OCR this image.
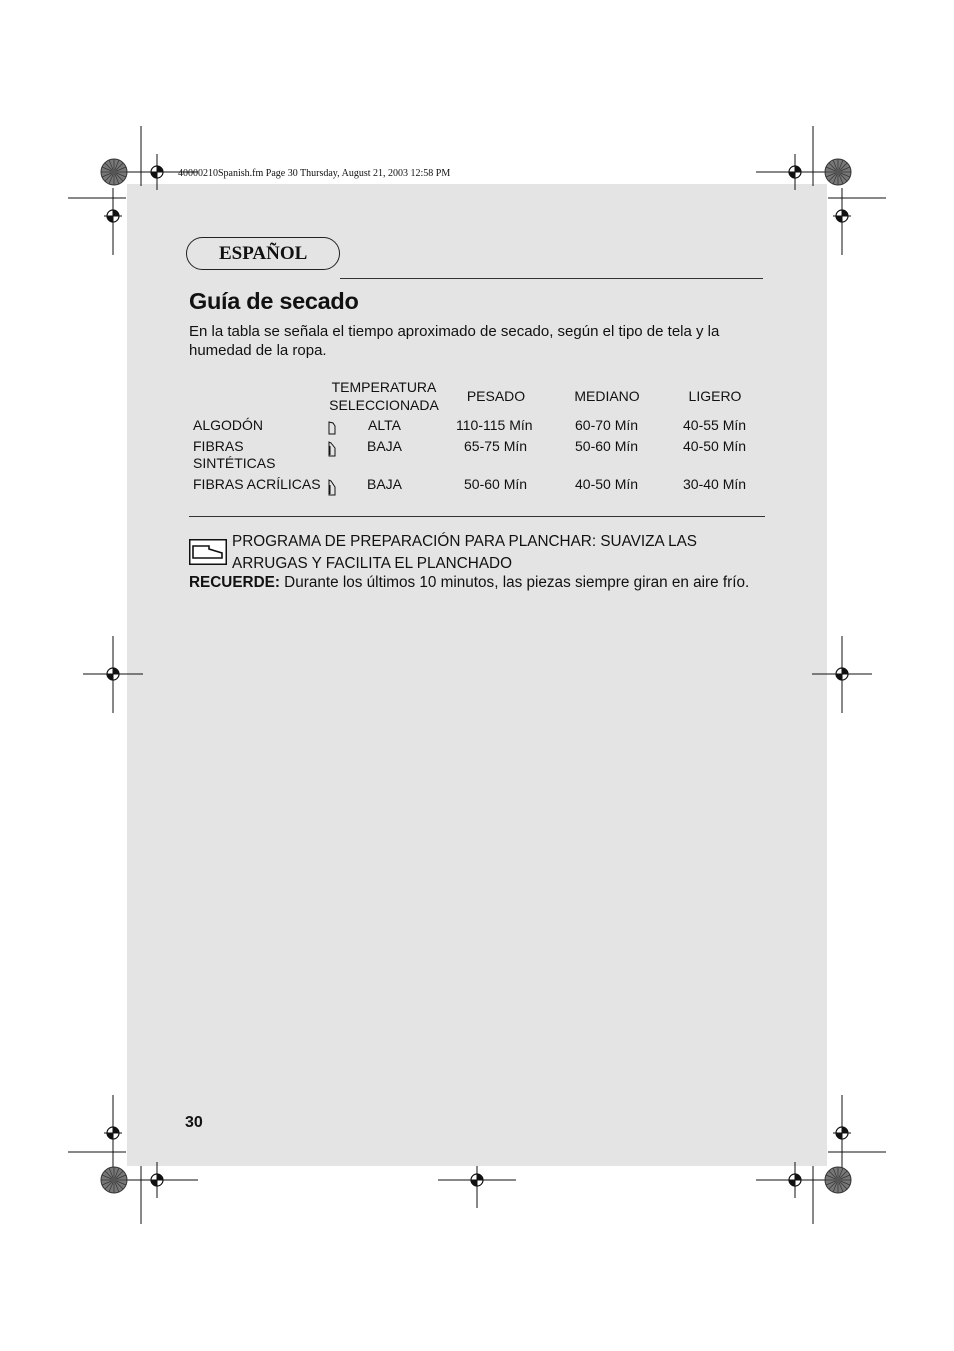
40000210Spanish.fm Page 30 Thursday, August 21, 2003 12:58 PM
ESPAÑOL
Guía de secado
En la tabla se señala el tiempo aproximado de secado, según el tipo de tela y la humedad de la ropa.
TEMPERATURA
SELECCIONADA
PESADO	MEDIANO	LIGERO
ALGODÓN	ALTA	110-115 Mín	60-70 Mín	40-55 Mín
FIBRAS
SINTÉTICAS
BAJA	65-75 Mín	50-60 Mín	40-50 Mín
FIBRAS ACRÍLICAS	BAJA	50-60 Mín	40-50 Mín	30-40 Mín
PROGRAMA DE PREPARACIÓN PARA PLANCHAR: SUAVIZA LAS
ARRUGAS Y FACILITA EL PLANCHADO
RECUERDE: Durante los últimos 10 minutos, las piezas siempre giran en aire frío.
30
